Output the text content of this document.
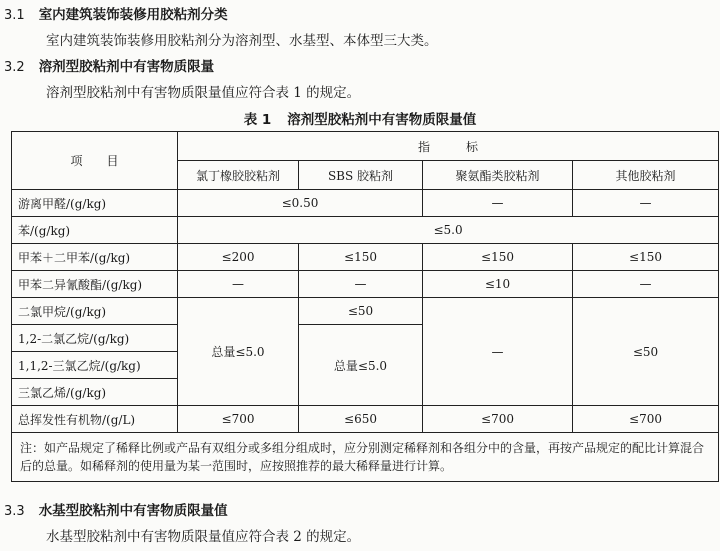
3.1 室内建筑装饰装修用胶粘剂分类
室内建筑装饰装修用胶粘剂分为溶剂型、水基型、本体型三大类。
3.2 溶剂型胶粘剂中有害物质限量
溶剂型胶粘剂中有害物质限量值应符合表 1 的规定。
表 1 溶剂型胶粘剂中有害物质限量值
项　　目	指　　　标			
	氯丁橡胶胶粘剂	SBS 胶粘剂	聚氨酯类胶粘剂	其他胶粘剂
游离甲醛/(g/kg)	≤0.50		—	—
苯/(g/kg)	≤5.0			
甲苯＋二甲苯/(g/kg)	≤200	≤150	≤150	≤150
甲苯二异氰酸酯/(g/kg)	—	—	≤10	—
二氯甲烷/(g/kg)	总量≤5.0	≤50	—	≤50
1,2-二氯乙烷/(g/kg)		总量≤5.0		
1,1,2-三氯乙烷/(g/kg)				
三氯乙烯/(g/kg)				
总挥发性有机物/(g/L)	≤700	≤650	≤700	≤700
注：如产品规定了稀释比例或产品有双组分或多组分组成时，应分别测定稀释剂和各组分中的含量，再按产品规定的配比计算混合后的总量。如稀释剂的使用量为某一范围时，应按照推荐的最大稀释量进行计算。				
3.3 水基型胶粘剂中有害物质限量值
水基型胶粘剂中有害物质限量值应符合表 2 的规定。
